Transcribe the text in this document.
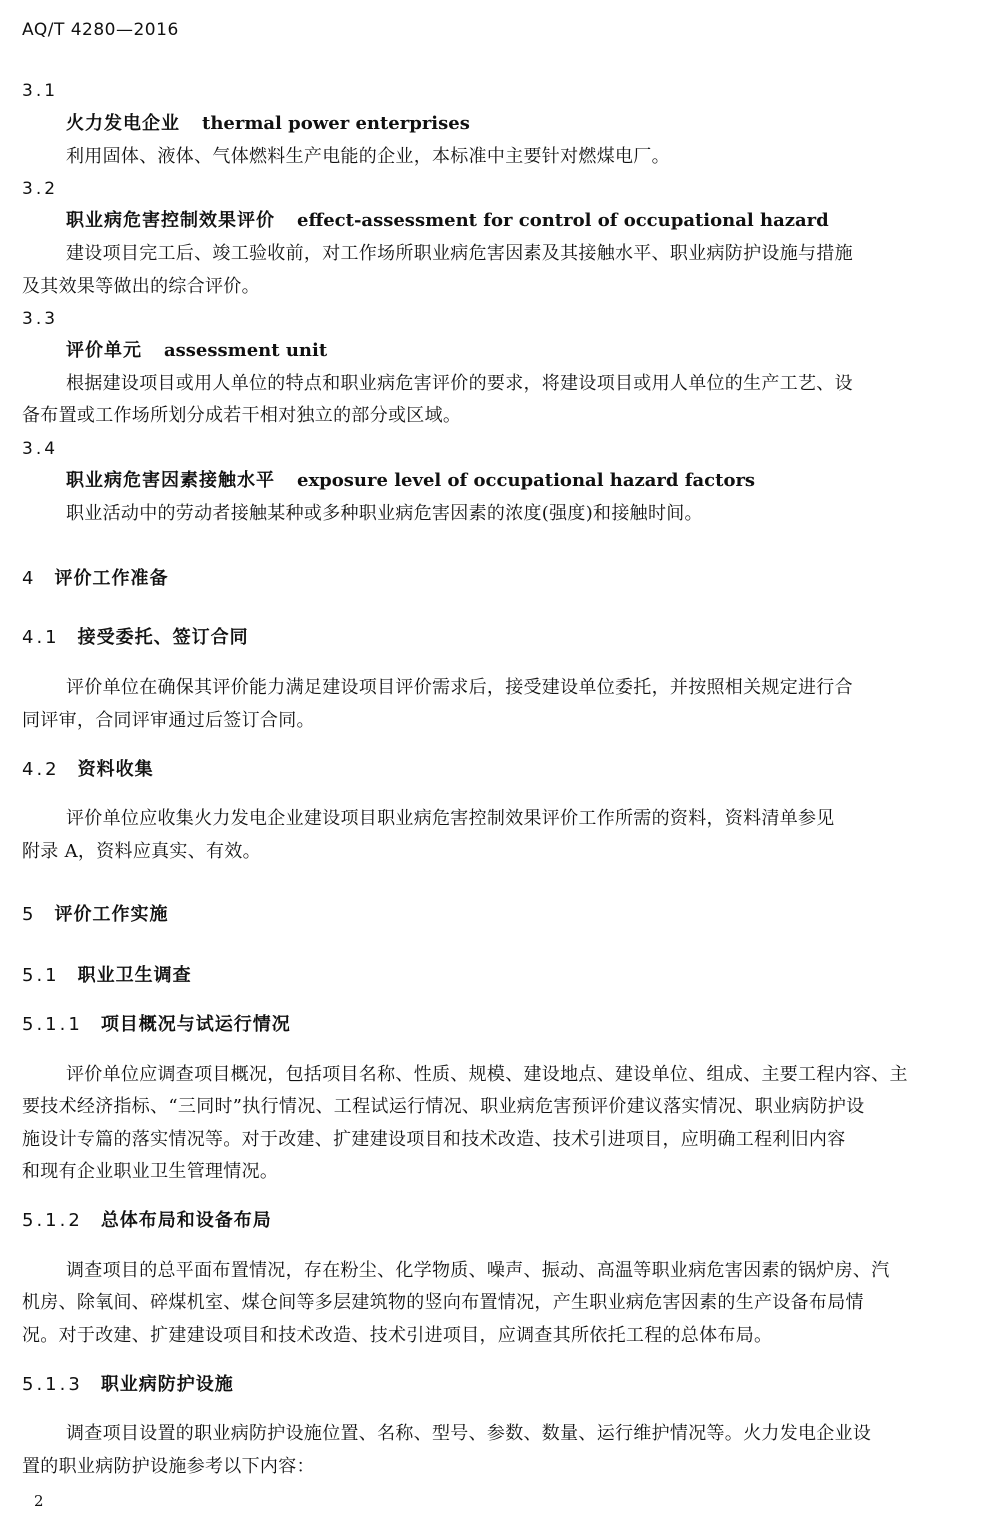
AQ/T 4280—2016
3.1
火力发电企业 thermal power enterprises
利用固体、液体、气体燃料生产电能的企业，本标准中主要针对燃煤电厂。
3.2
职业病危害控制效果评价 effect-assessment for control of occupational hazard
建设项目完工后、竣工验收前，对工作场所职业病危害因素及其接触水平、职业病防护设施与措施
及其效果等做出的综合评价。
3.3
评价单元 assessment unit
根据建设项目或用人单位的特点和职业病危害评价的要求，将建设项目或用人单位的生产工艺、设
备布置或工作场所划分成若干相对独立的部分或区域。
3.4
职业病危害因素接触水平 exposure level of occupational hazard factors
职业活动中的劳动者接触某种或多种职业病危害因素的浓度(强度)和接触时间。
4 评价工作准备
4.1 接受委托、签订合同
评价单位在确保其评价能力满足建设项目评价需求后，接受建设单位委托，并按照相关规定进行合
同评审，合同评审通过后签订合同。
4.2 资料收集
评价单位应收集火力发电企业建设项目职业病危害控制效果评价工作所需的资料，资料清单参见
附录 A，资料应真实、有效。
5 评价工作实施
5.1 职业卫生调查
5.1.1 项目概况与试运行情况
评价单位应调查项目概况，包括项目名称、性质、规模、建设地点、建设单位、组成、主要工程内容、主
要技术经济指标、“三同时”执行情况、工程试运行情况、职业病危害预评价建议落实情况、职业病防护设
施设计专篇的落实情况等。对于改建、扩建建设项目和技术改造、技术引进项目，应明确工程利旧内容
和现有企业职业卫生管理情况。
5.1.2 总体布局和设备布局
调查项目的总平面布置情况，存在粉尘、化学物质、噪声、振动、高温等职业病危害因素的锅炉房、汽
机房、除氧间、碎煤机室、煤仓间等多层建筑物的竖向布置情况，产生职业病危害因素的生产设备布局情
况。对于改建、扩建建设项目和技术改造、技术引进项目，应调查其所依托工程的总体布局。
5.1.3 职业病防护设施
调查项目设置的职业病防护设施位置、名称、型号、参数、数量、运行维护情况等。火力发电企业设
置的职业病防护设施参考以下内容：
2
